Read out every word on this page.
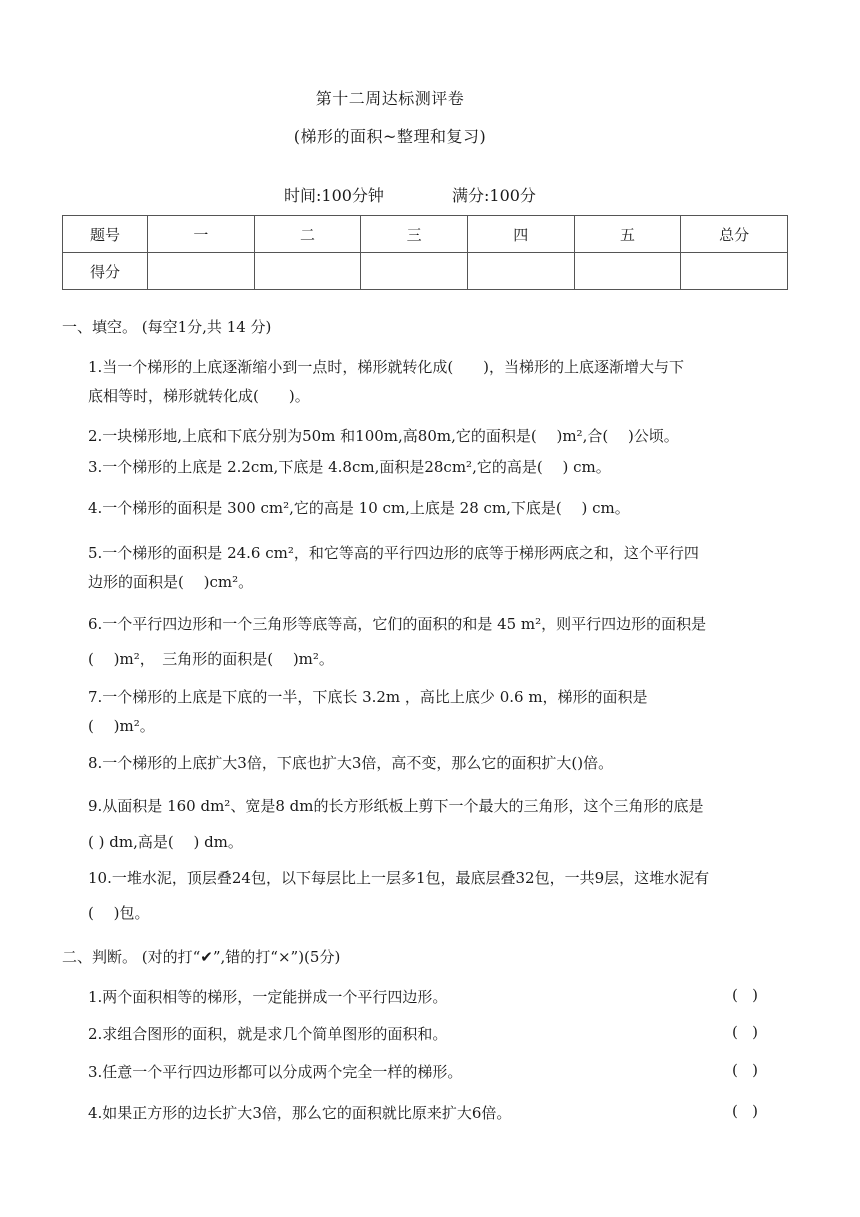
第十二周达标测评卷
(梯形的面积~整理和复习)
时间:100分钟	满分:100分
题号	一	二	三	四	五	总分
得分						
一、填空。 (每空1分,共 14 分)
1.当一个梯形的上底逐渐缩小到一点时，梯形就转化成(　　)，当梯形的上底逐渐增大与下
底相等时，梯形就转化成(　　)。
2.一块梯形地,上底和下底分别为50m 和100m,高80m,它的面积是(　 )m²,合(　 )公顷。
3.一个梯形的上底是 2.2cm,下底是 4.8cm,面积是28cm²,它的高是(　 ) cm。
4.一个梯形的面积是 300 cm²,它的高是 10 cm,上底是 28 cm,下底是(　 ) cm。
5.一个梯形的面积是 24.6 cm²，和它等高的平行四边形的底等于梯形两底之和，这个平行四
边形的面积是(　 )cm²。
6.一个平行四边形和一个三角形等底等高，它们的面积的和是 45 m²，则平行四边形的面积是
(　 )m²，　三角形的面积是(　 )m²。
7.一个梯形的上底是下底的一半，下底长 3.2m ，高比上底少 0.6 m，梯形的面积是
(　 )m²。
8.一个梯形的上底扩大3倍，下底也扩大3倍，高不变，那么它的面积扩大()倍。
9.从面积是 160 dm²、宽是8 dm的长方形纸板上剪下一个最大的三角形，这个三角形的底是
( ) dm,高是(　 ) dm。
10.一堆水泥，顶层叠24包，以下每层比上一层多1包，最底层叠32包，一共9层，这堆水泥有
(　 )包。
二、判断。 (对的打“✔”,错的打“×”)(5分)
1.两个面积相等的梯形，一定能拼成一个平行四边形。	(   )
2.求组合图形的面积，就是求几个简单图形的面积和。	(   )
3.任意一个平行四边形都可以分成两个完全一样的梯形。	(   )
4.如果正方形的边长扩大3倍，那么它的面积就比原来扩大6倍。	(   )
